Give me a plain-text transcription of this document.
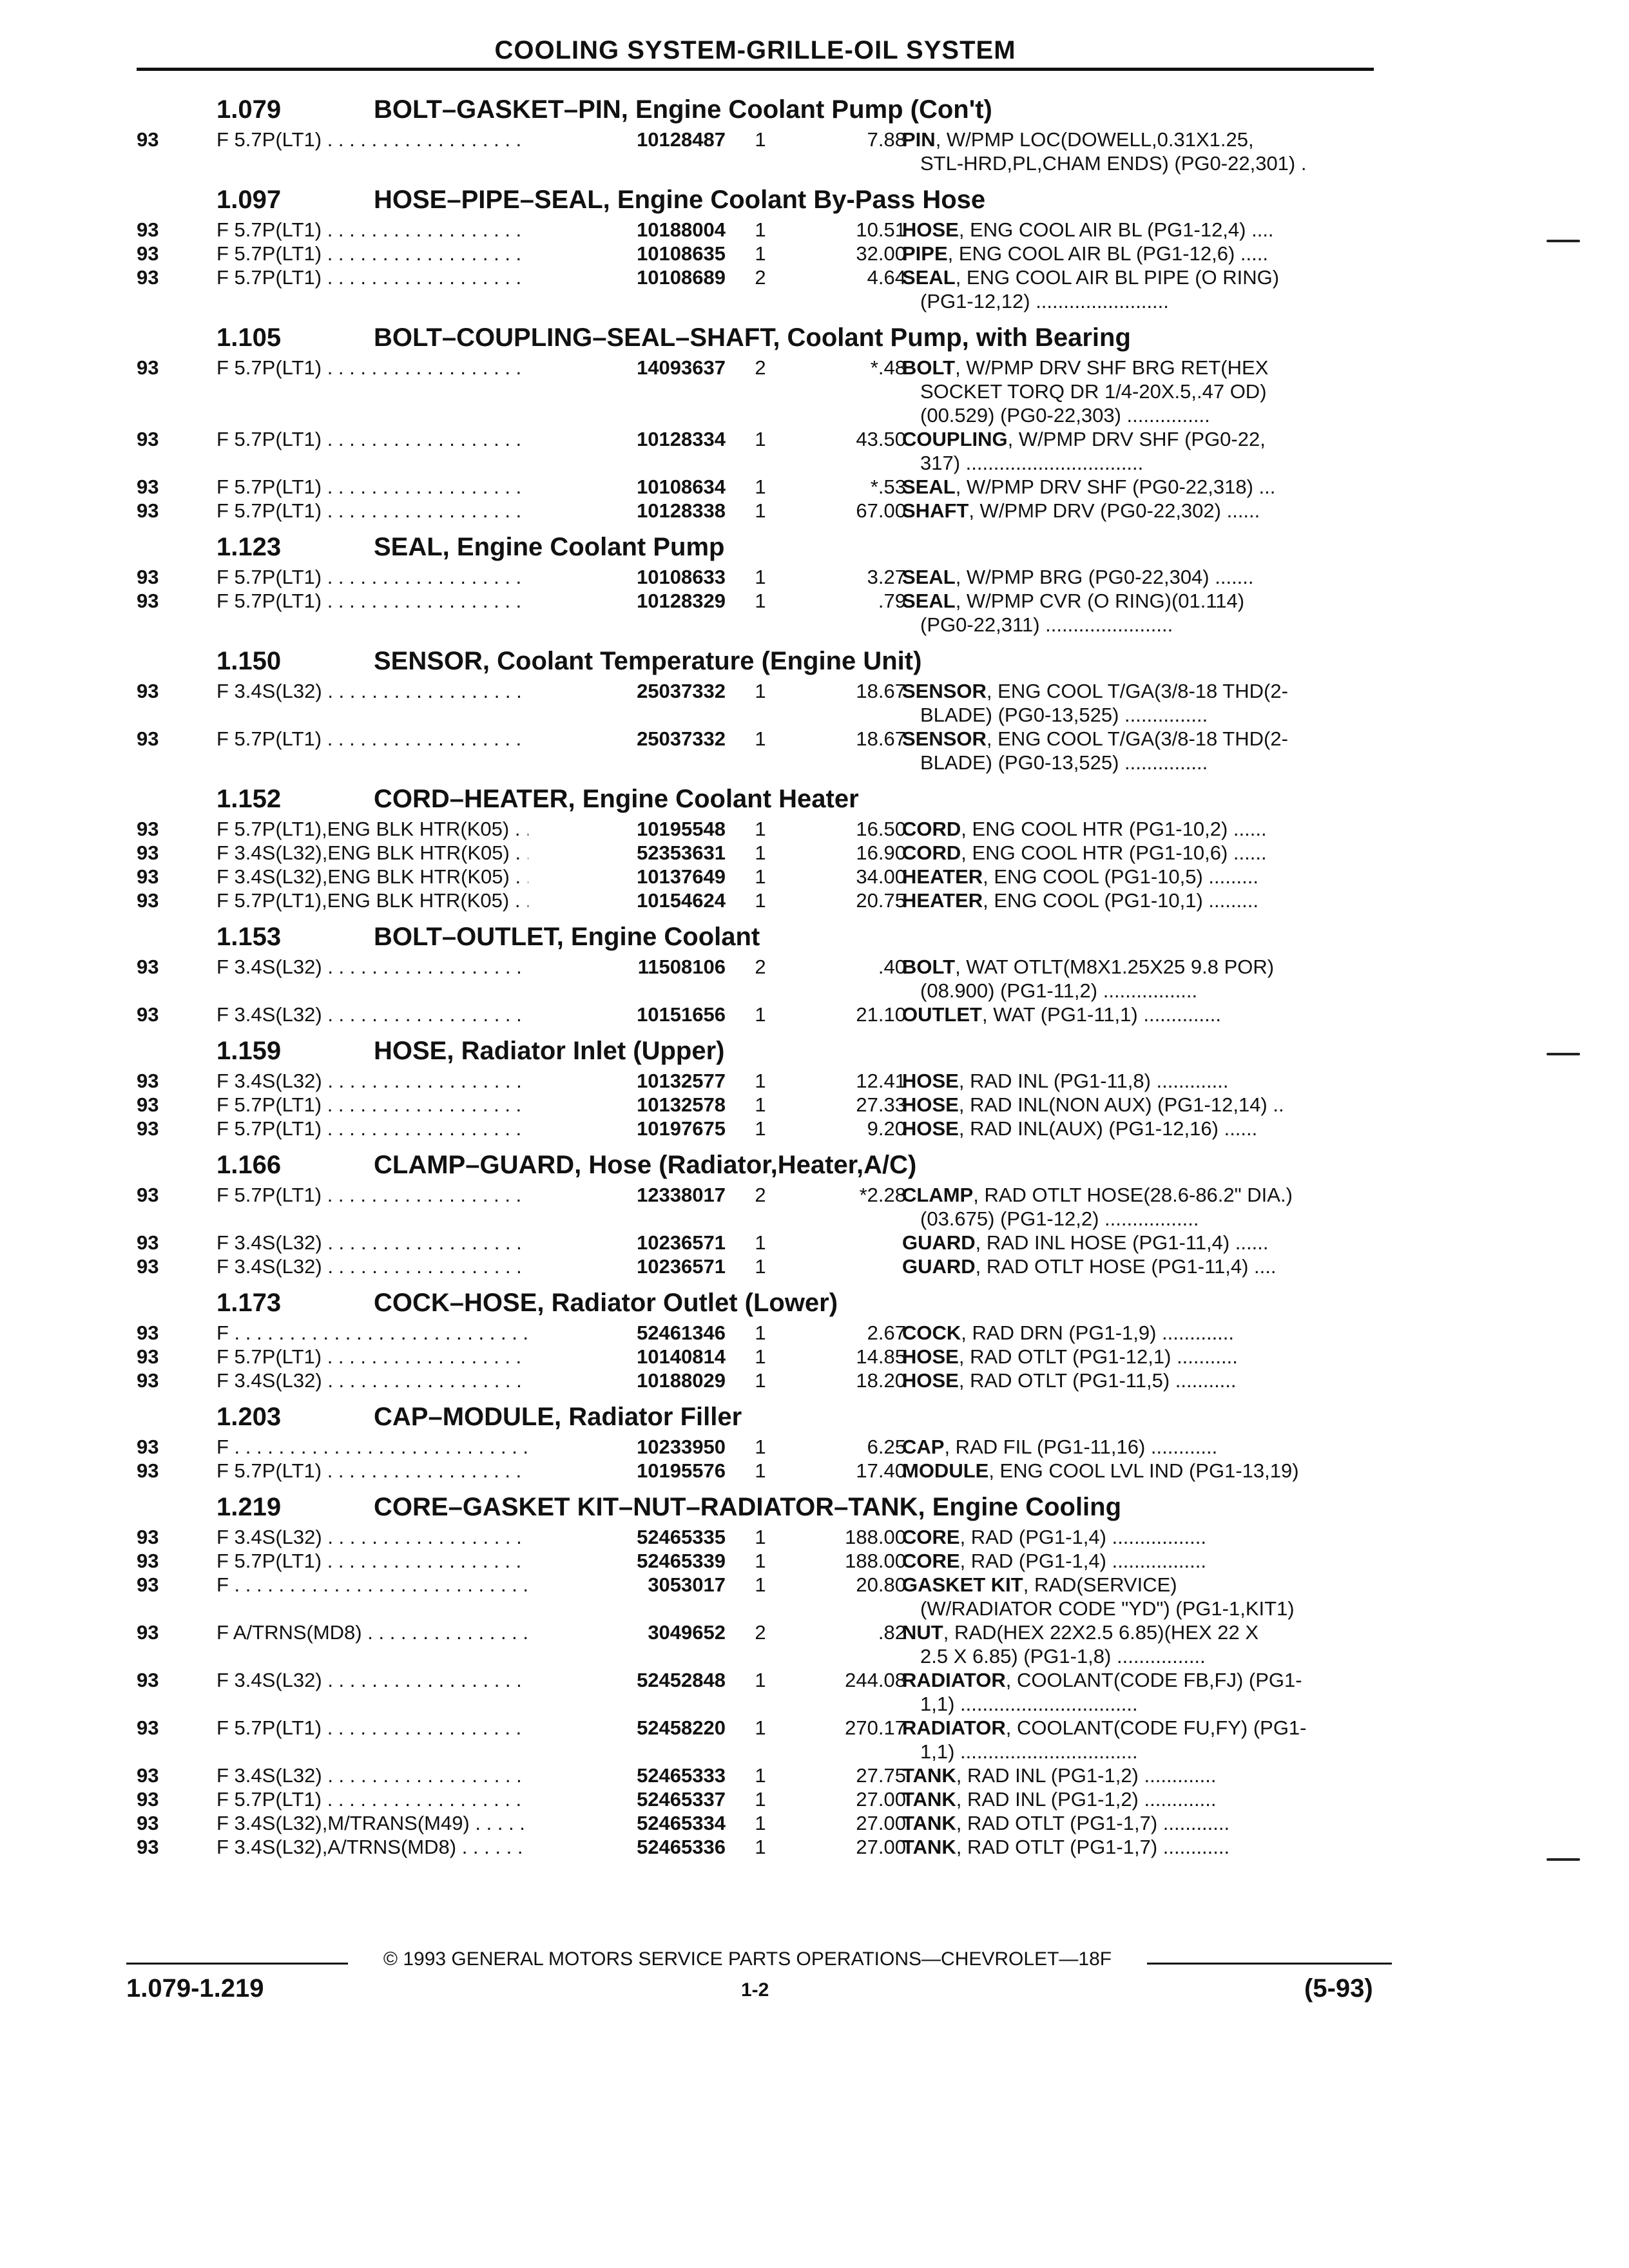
COOLING SYSTEM-GRILLE-OIL SYSTEM
1.079	BOLT–GASKET–PIN, Engine Coolant Pump (Con't)
93	F 5.7P(LT1) . . .	10128487	1	7.88
PIN, W/PMP LOC(DOWELL,0.31X1.25,
STL-HRD,PL,CHAM ENDS) (PG0-22,301) .
1.097	HOSE–PIPE–SEAL, Engine Coolant By-Pass Hose
93	F 5.7P(LT1) . . .	10188004	1	10.51
HOSE, ENG COOL AIR BL (PG1-12,4) ....
93	F 5.7P(LT1) . . .	10108635	1	32.00
PIPE, ENG COOL AIR BL (PG1-12,6) .....
93	F 5.7P(LT1) . . .	10108689	2	4.64
SEAL, ENG COOL AIR BL PIPE (O RING)
(PG1-12,12) ........................
1.105	BOLT–COUPLING–SEAL–SHAFT, Coolant Pump, with Bearing
93	F 5.7P(LT1) . . .	14093637	2	*.48
BOLT, W/PMP DRV SHF BRG RET(HEX
SOCKET TORQ DR 1/4-20X.5,.47 OD)
(00.529) (PG0-22,303) ...............
93	F 5.7P(LT1) . . .	10128334	1	43.50
COUPLING, W/PMP DRV SHF (PG0-22,
317) ................................
93	F 5.7P(LT1) . . .	10108634	1	*.53
SEAL, W/PMP DRV SHF (PG0-22,318) ...
93	F 5.7P(LT1) . . .	10128338	1	67.00
SHAFT, W/PMP DRV (PG0-22,302) ......
1.123	SEAL, Engine Coolant Pump
93	F 5.7P(LT1) . . .	10108633	1	3.27
SEAL, W/PMP BRG (PG0-22,304) .......
93	F 5.7P(LT1) . . .	10128329	1	.79
SEAL, W/PMP CVR (O RING)(01.114)
(PG0-22,311) .......................
1.150	SENSOR, Coolant Temperature (Engine Unit)
93	F 3.4S(L32) . . .	25037332	1	18.67
SENSOR, ENG COOL T/GA(3/8-18 THD(2-
BLADE) (PG0-13,525) ...............
93	F 5.7P(LT1) . . .	25037332	1	18.67
SENSOR, ENG COOL T/GA(3/8-18 THD(2-
BLADE) (PG0-13,525) ...............
1.152	CORD–HEATER, Engine Coolant Heater
93	F 5.7P(LT1),ENG BLK HTR(K05) . . .	10195548	1	16.50
CORD, ENG COOL HTR (PG1-10,2) ......
93	F 3.4S(L32),ENG BLK HTR(K05) . . .	52353631	1	16.90
CORD, ENG COOL HTR (PG1-10,6) ......
93	F 3.4S(L32),ENG BLK HTR(K05) . . .	10137649	1	34.00
HEATER, ENG COOL (PG1-10,5) .........
93	F 5.7P(LT1),ENG BLK HTR(K05) . . .	10154624	1	20.75
HEATER, ENG COOL (PG1-10,1) .........
1.153	BOLT–OUTLET, Engine Coolant
93	F 3.4S(L32) . . .	11508106	2	.40
BOLT, WAT OTLT(M8X1.25X25 9.8 POR)
(08.900) (PG1-11,2) .................
93	F 3.4S(L32) . . .	10151656	1	21.10
OUTLET, WAT (PG1-11,1) ..............
1.159	HOSE, Radiator Inlet (Upper)
93	F 3.4S(L32) . . .	10132577	1	12.41
HOSE, RAD INL (PG1-11,8) .............
93	F 5.7P(LT1) . . .	10132578	1	27.33
HOSE, RAD INL(NON AUX) (PG1-12,14) ..
93	F 5.7P(LT1) . . .	10197675	1	9.20
HOSE, RAD INL(AUX) (PG1-12,16) ......
1.166	CLAMP–GUARD, Hose (Radiator,Heater,A/C)
93	F 5.7P(LT1) . . .	12338017	2	*2.28
CLAMP, RAD OTLT HOSE(28.6-86.2" DIA.)
(03.675) (PG1-12,2) .................
93	F 3.4S(L32) . . .	10236571	1	GUARD, RAD INL HOSE (PG1-11,4) ......
93	F 3.4S(L32) . . .	10236571	1	GUARD, RAD OTLT HOSE (PG1-11,4) ....
1.173	COCK–HOSE, Radiator Outlet (Lower)
93	F . . .	52461346	1	2.67
COCK, RAD DRN (PG1-1,9) .............
93	F 5.7P(LT1) . . .	10140814	1	14.85
HOSE, RAD OTLT (PG1-12,1) ...........
93	F 3.4S(L32) . . .	10188029	1	18.20
HOSE, RAD OTLT (PG1-11,5) ...........
1.203	CAP–MODULE, Radiator Filler
93	F . . .	10233950	1	6.25
CAP, RAD FIL (PG1-11,16) ............
93	F 5.7P(LT1) . . .	10195576	1	17.40
MODULE, ENG COOL LVL IND (PG1-13,19)
1.219	CORE–GASKET KIT–NUT–RADIATOR–TANK, Engine Cooling
93	F 3.4S(L32) . . .	52465335	1	188.00
CORE, RAD (PG1-1,4) .................
93	F 5.7P(LT1) . . .	52465339	1	188.00
CORE, RAD (PG1-1,4) .................
93	F . . .	3053017	1	20.80
GASKET KIT, RAD(SERVICE)
(W/RADIATOR CODE "YD") (PG1-1,KIT1)
93	F A/TRNS(MD8) . . .	3049652	2	.82
NUT, RAD(HEX 22X2.5 6.85)(HEX 22 X
2.5 X 6.85) (PG1-1,8) ................
93	F 3.4S(L32) . . .	52452848	1	244.08
RADIATOR, COOLANT(CODE FB,FJ) (PG1-
1,1) ................................
93	F 5.7P(LT1) . . .	52458220	1	270.17
RADIATOR, COOLANT(CODE FU,FY) (PG1-
1,1) ................................
93	F 3.4S(L32) . . .	52465333	1	27.75
TANK, RAD INL (PG1-1,2) .............
93	F 5.7P(LT1) . . .	52465337	1	27.00
TANK, RAD INL (PG1-1,2) .............
93	F 3.4S(L32),M/TRANS(M49) . . .	52465334	1	27.00
TANK, RAD OTLT (PG1-1,7) ............
93	F 3.4S(L32),A/TRNS(MD8) . . .	52465336	1	27.00
TANK, RAD OTLT (PG1-1,7) ............
© 1993 GENERAL MOTORS SERVICE PARTS OPERATIONS—CHEVROLET—18F
1.079-1.219	1-2	(5-93)
